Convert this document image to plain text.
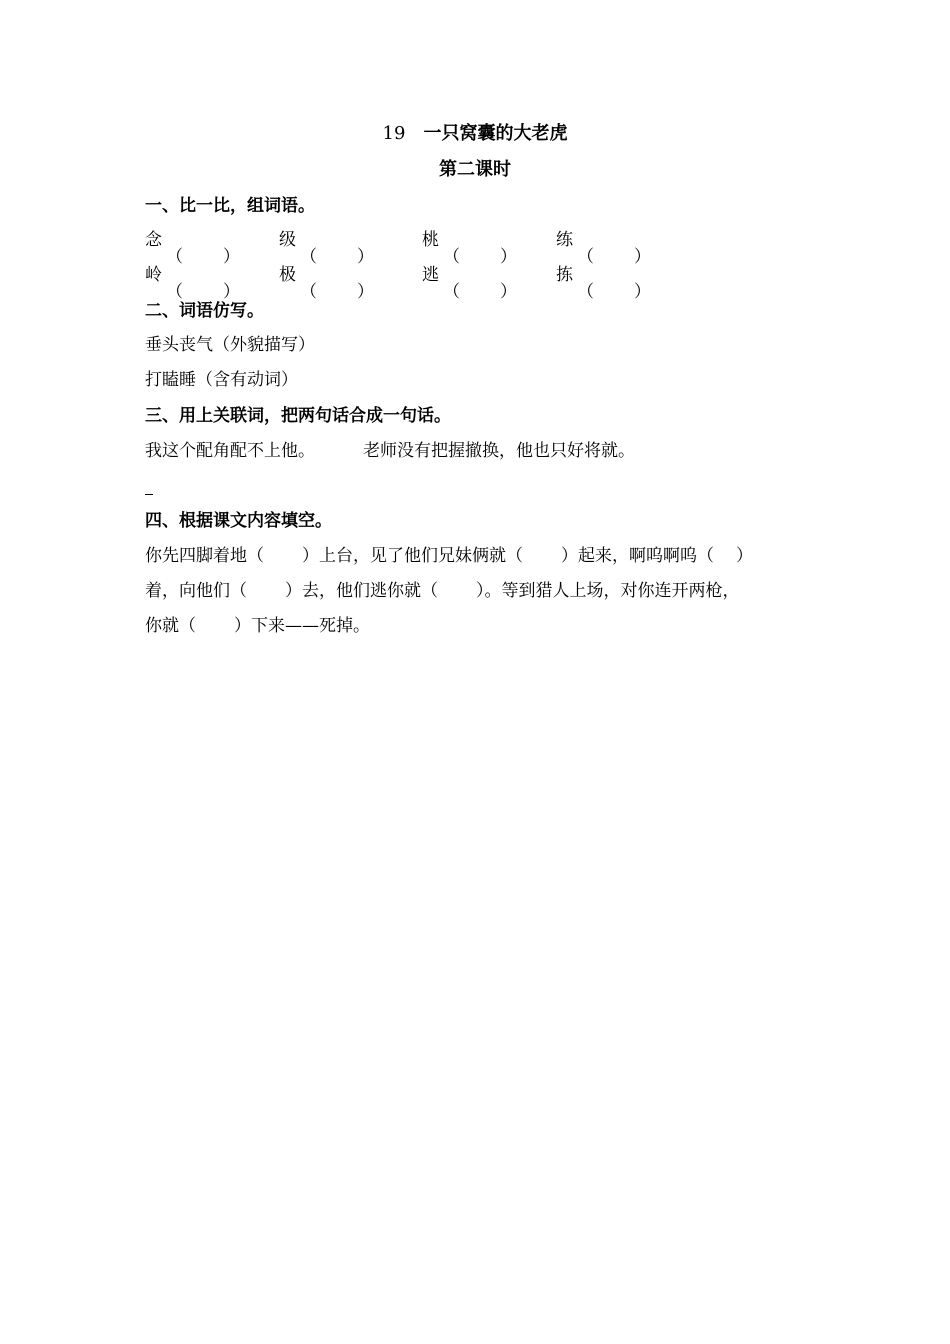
19 一只窝囊的大老虎
第二课时
一、比一比，组词语。
念
（ ）
级
（ ）
桃
（ ）
练
（ ）
岭
（ ）
极
（ ）
逃
（ ）
拣
（ ）
二、词语仿写。
垂头丧气（外貌描写）
打瞌睡（含有动词）
三、用上关联词，把两句话合成一句话。
我这个配角配不上他。	老师没有把握撤换，他也只好将就。
四、根据课文内容填空。
你先四脚着地（ ）上台，见了他们兄妹俩就（ ）起来，啊呜啊呜（ ）
着，向他们（ ）去，他们逃你就（ ）。等到猎人上场，对你连开两枪，
你就（ ）下来——死掉。
